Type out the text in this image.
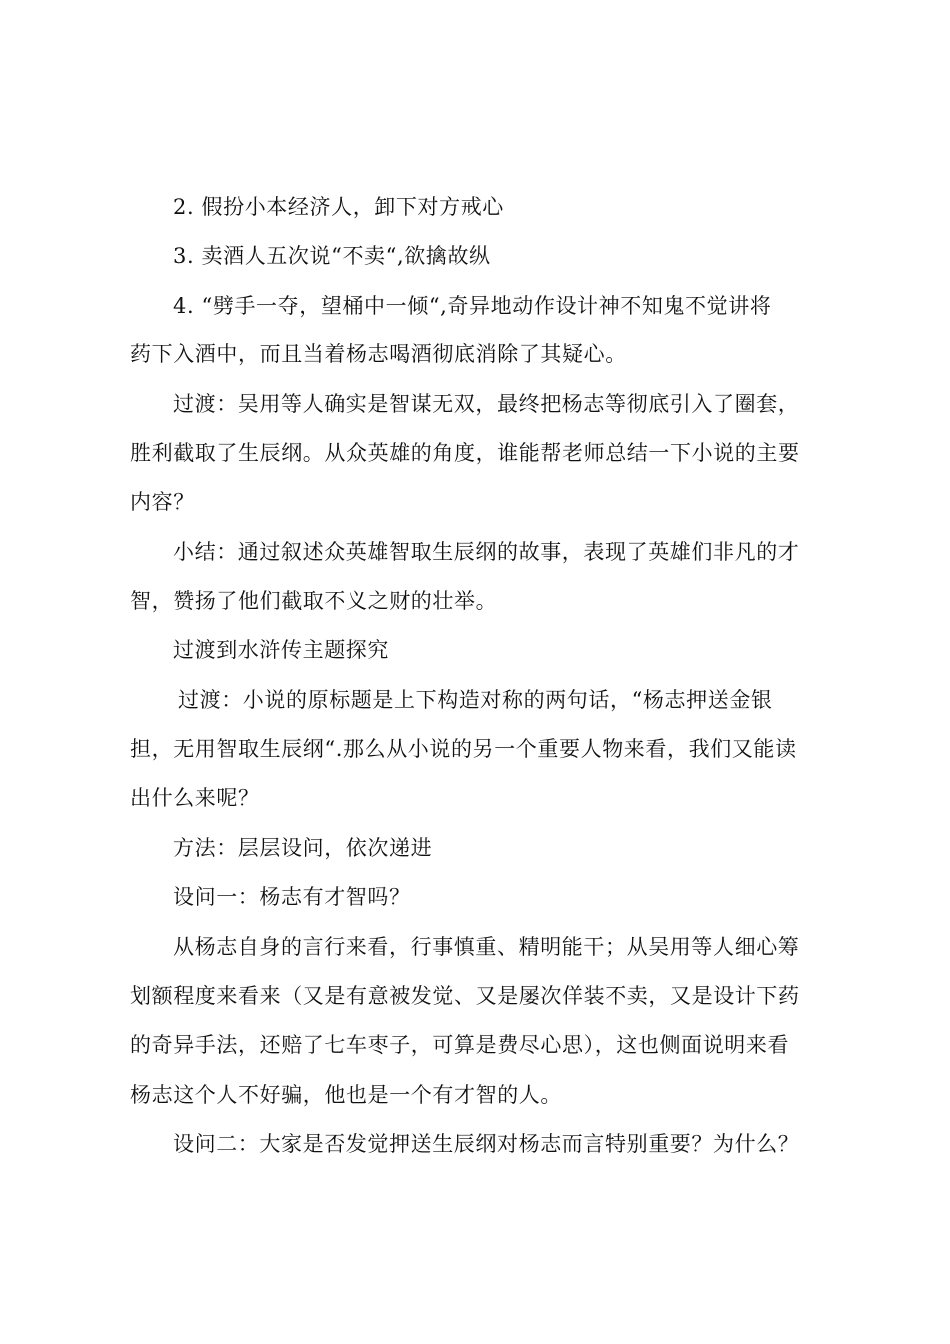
2. 假扮小本经济人，卸下对方戒心
3. 卖酒人五次说“不卖“,欲擒故纵
4. “劈手一夺，望桶中一倾“,奇异地动作设计神不知鬼不觉讲将
药下入酒中，而且当着杨志喝酒彻底消除了其疑心。
过渡：吴用等人确实是智谋无双，最终把杨志等彻底引入了圈套，
胜利截取了生辰纲。从众英雄的角度，谁能帮老师总结一下小说的主要
内容？
小结：通过叙述众英雄智取生辰纲的故事，表现了英雄们非凡的才
智，赞扬了他们截取不义之财的壮举。
过渡到水浒传主题探究
过渡：小说的原标题是上下构造对称的两句话，“杨志押送金银
担，无用智取生辰纲“.那么从小说的另一个重要人物来看，我们又能读
出什么来呢？
方法：层层设问，依次递进
设问一：杨志有才智吗？
从杨志自身的言行来看，行事慎重、精明能干；从吴用等人细心筹
划额程度来看来（又是有意被发觉、又是屡次佯装不卖，又是设计下药
的奇异手法，还赔了七车枣子，可算是费尽心思），这也侧面说明来看
杨志这个人不好骗，他也是一个有才智的人。
设问二：大家是否发觉押送生辰纲对杨志而言特别重要？为什么？
